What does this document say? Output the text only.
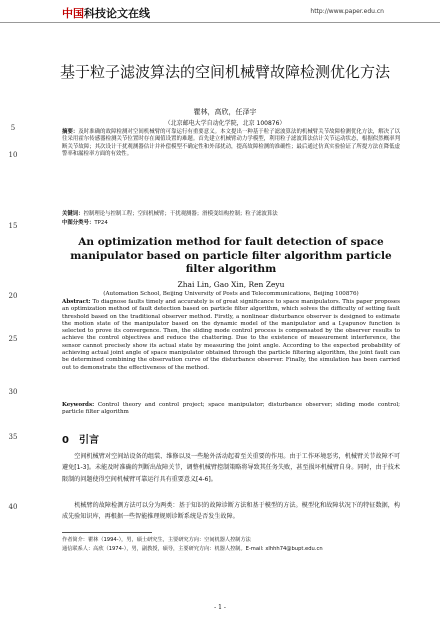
中国科技论文在线	http://www.paper.edu.cn
5
10
15
20
25
30
35
40
基于粒子滤波算法的空间机械臂故障检测优化方法
瞿林，高欣，任泽宇
（北京邮电大学自动化学院，北京 100876）
摘要：及时准确的故障检测对空间机械臂的可靠运行有重要意义。本文提出一种基于粒子滤波算法的机械臂关节故障检测优化方法，解决了以往采用霍尔传感器检测关节位置时存在阈值设置的难题。首先建立机械臂动力学模型，利用粒子滤波算法估计关节运动状态，根据似然概率判断关节故障；其次设计干扰观测器估计并补偿模型不确定性和外部扰动，提高故障检测的准确性；最后通过仿真实验验证了所提方法在降低虚警率和漏检率方面的有效性。
关键词：控制理论与控制工程；空间机械臂；干扰观测器；滑模变结构控制；粒子滤波算法
中图分类号：TP24
An optimization method for fault detection of space manipulator based on particle filter algorithm particle filter algorithm
Zhai Lin, Gao Xin, Ren Zeyu
(Automation School, Beijing University of Posts and Telecommunications, Beijing 100876)
Abstract: To diagnose faults timely and accurately is of great significance to space manipulators. This paper proposes an optimization method of fault detection based on particle filter algorithm, which solves the difficulty of setting fault threshold based on the traditional observer method. Firstly, a nonlinear disturbance observer is designed to estimate the motion state of the manipulator based on the dynamic model of the manipulator and a Lyapunov function is selected to prove its convergence. Then, the sliding mode control process is compensated by the observer results to achieve the control objectives and reduce the chattering. Due to the existence of measurement interference, the sensor cannot precisely show its actual state by measuring the joint angle. According to the expected probability of achieving actual joint angle of space manipulator obtained through the particle filtering algorithm, the joint fault can be determined combining the observation curve of the disturbance observer. Finally, the simulation has been carried out to demonstrate the effectiveness of the method.
Keywords: Control theory and control project; space manipulator; disturbance observer; sliding mode control; particle filter algorithm
0 引言
空间机械臂对空间站设备的组装、维修以及一些舱外活动起着至关重要的作用。由于工作环境恶劣，机械臂关节故障不可避免[1-3]。未能及时准确的判断出故障关节，调整机械臂控制策略将导致其任务失败，甚至损坏机械臂自身。同时，由于技术限制的问题使得空间机械臂可靠运行具有重要意义[4-6]。
机械臂的故障检测方法可以分为两类：基于知识的故障诊断方法和基于模型的方法。模型化和故障状况下的特征数据，构成先验知识库，再根据一些智能推理规则诊断系统是否发生故障。
作者简介：瞿林（1994-），男，硕士研究生，主要研究方向：空间机器人控制方法
通信联系人：高欣（1974-），男，副教授，硕导，主要研究方向：机器人控制。E-mail: xlhhh74@bupt.edu.cn
- 1 -
